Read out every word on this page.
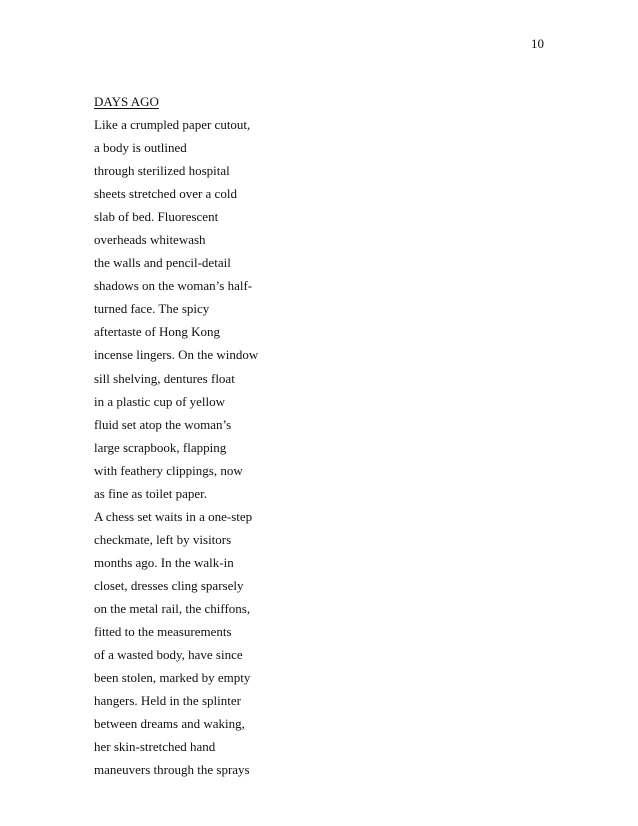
10
DAYS AGO
Like a crumpled paper cutout,
a body is outlined
through sterilized hospital
sheets stretched over a cold
slab of bed. Fluorescent
overheads whitewash
the walls and pencil-detail
shadows on the woman’s half-
turned face. The spicy
aftertaste of Hong Kong
incense lingers. On the window
sill shelving, dentures float
in a plastic cup of yellow
fluid set atop the woman’s
large scrapbook, flapping
with feathery clippings, now
as fine as toilet paper.
A chess set waits in a one-step
checkmate, left by visitors
months ago. In the walk-in
closet, dresses cling sparsely
on the metal rail, the chiffons,
fitted to the measurements
of a wasted body, have since
been stolen, marked by empty
hangers. Held in the splinter
between dreams and waking,
her skin-stretched hand
maneuvers through the sprays
